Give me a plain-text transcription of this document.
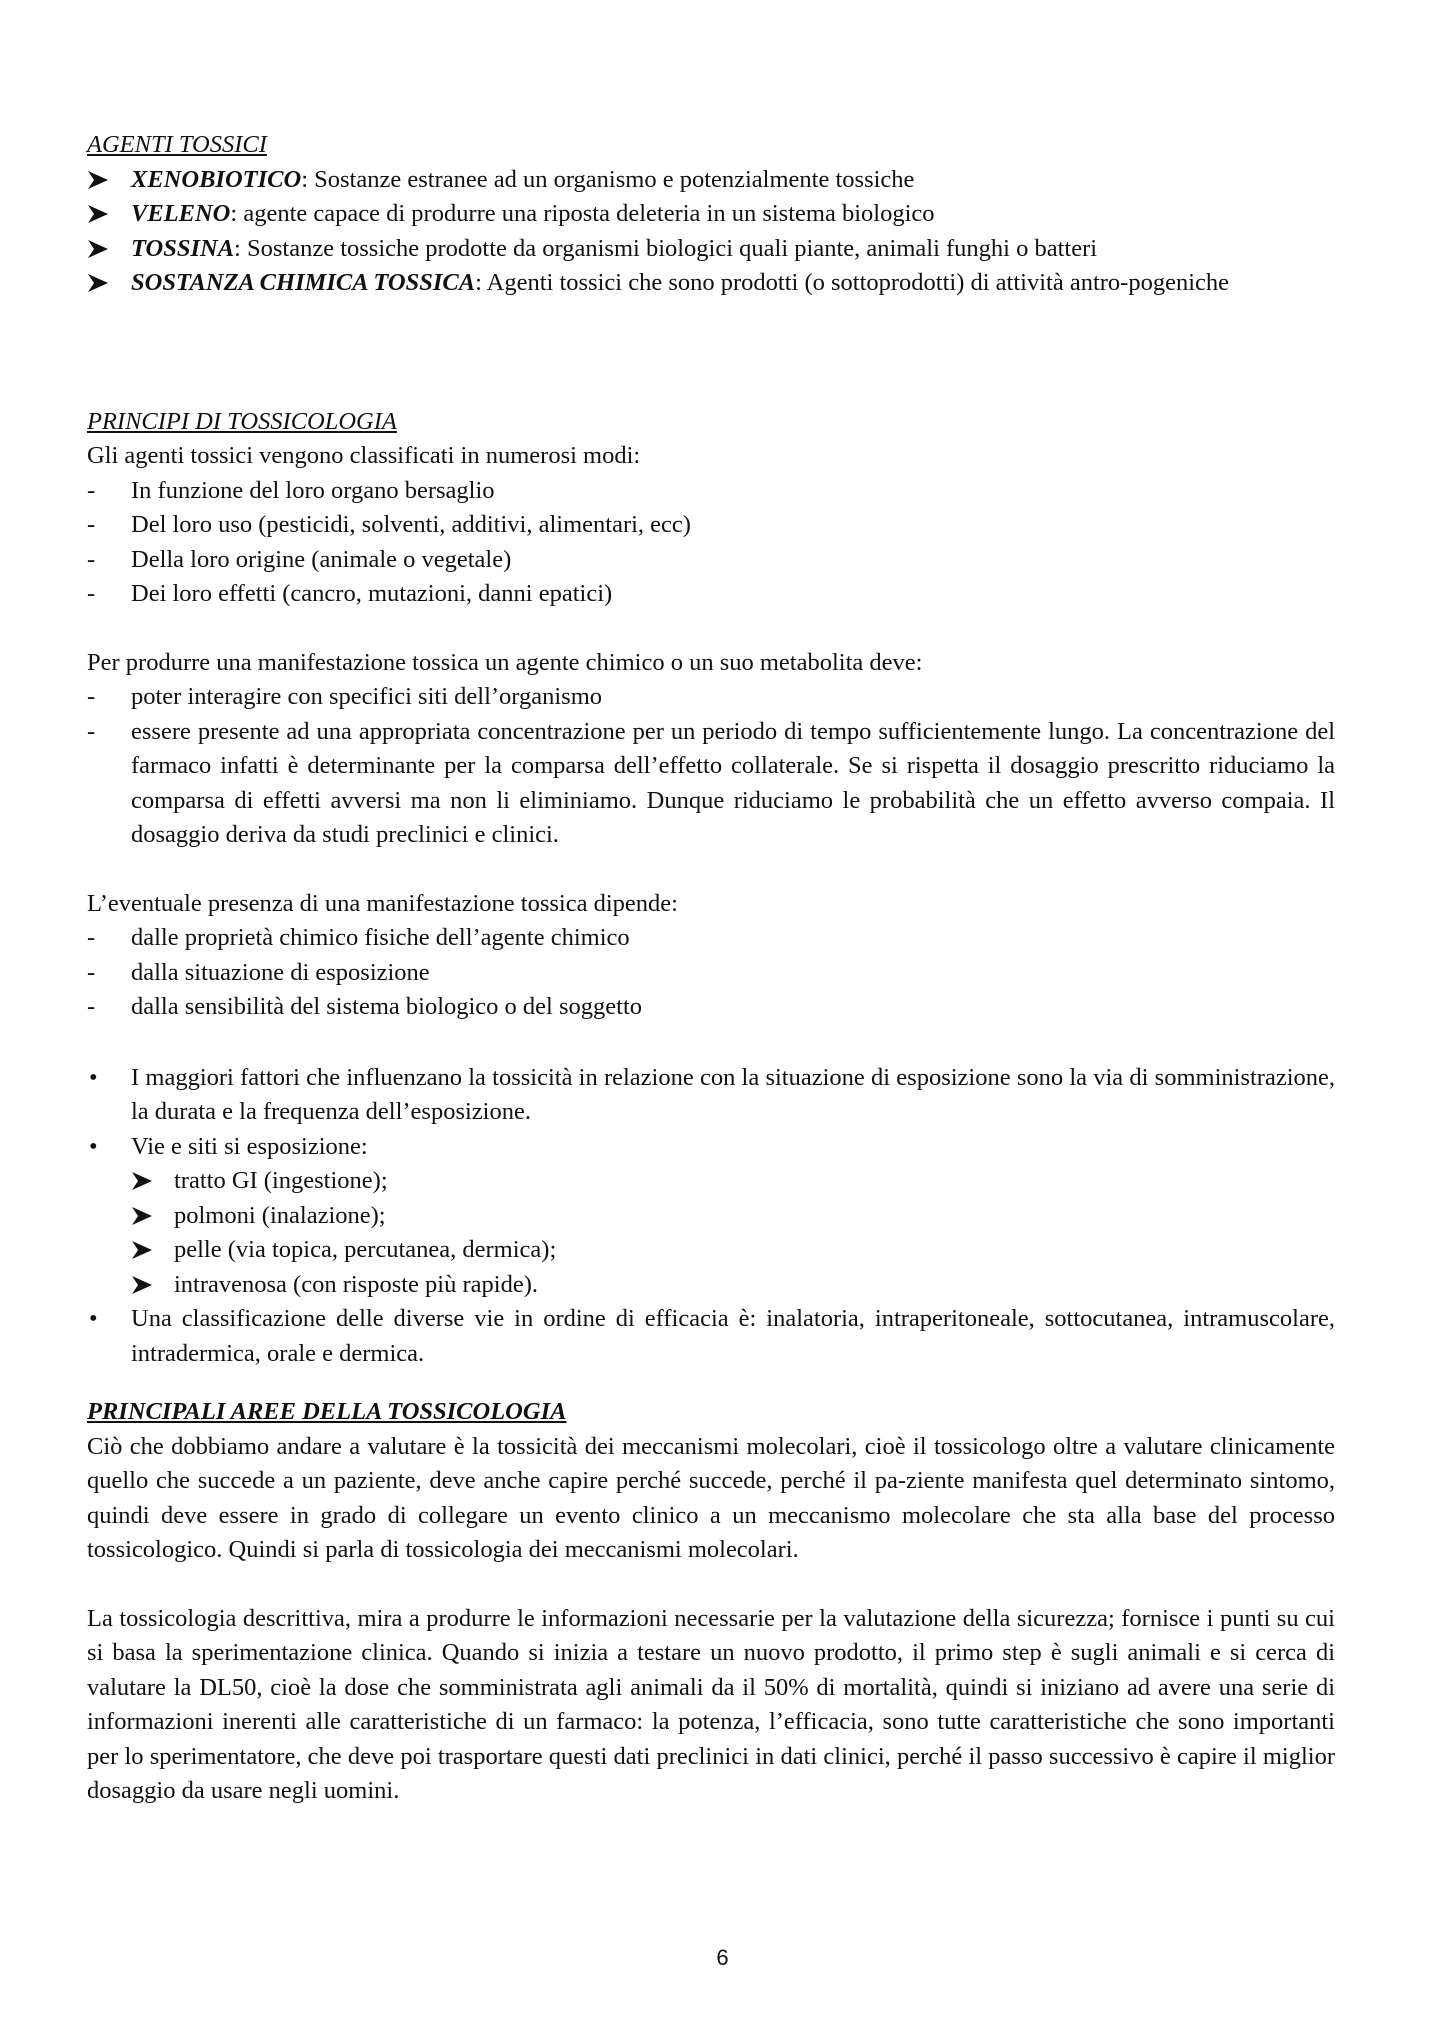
AGENTI TOSSICI
XENOBIOTICO: Sostanze estranee ad un organismo e potenzialmente tossiche
VELENO: agente capace di produrre una riposta deleteria in un sistema biologico
TOSSINA: Sostanze tossiche prodotte da organismi biologici quali piante, animali funghi o batteri
SOSTANZA CHIMICA TOSSICA: Agenti tossici che sono prodotti (o sottoprodotti) di attività antro-pogeniche
PRINCIPI DI TOSSICOLOGIA
Gli agenti tossici vengono classificati in numerosi modi:
- In funzione del loro organo bersaglio
- Del loro uso (pesticidi, solventi, additivi, alimentari, ecc)
- Della loro origine (animale o vegetale)
- Dei loro effetti (cancro, mutazioni, danni epatici)
Per produrre una manifestazione tossica un agente chimico o un suo metabolita deve:
- poter interagire con specifici siti dell’organismo
- essere presente ad una appropriata concentrazione per un periodo di tempo sufficientemente lungo. La concentrazione del farmaco infatti è determinante per la comparsa dell’effetto collaterale. Se si rispetta il dosaggio prescritto riduciamo la comparsa di effetti avversi ma non li eliminiamo. Dunque riduciamo le probabilità che un effetto avverso compaia. Il dosaggio deriva da studi preclinici e clinici.
L’eventuale presenza di una manifestazione tossica dipende:
- dalle proprietà chimico fisiche dell’agente chimico
- dalla situazione di esposizione
- dalla sensibilità del sistema biologico o del soggetto
• I maggiori fattori che influenzano la tossicità in relazione con la situazione di esposizione sono la via di somministrazione, la durata e la frequenza dell’esposizione.
• Vie e siti si esposizione:
tratto GI (ingestione);
polmoni (inalazione);
pelle (via topica, percutanea, dermica);
intravenosa (con risposte più rapide).
• Una classificazione delle diverse vie in ordine di efficacia è: inalatoria, intraperitoneale, sottocutanea, intramuscolare, intradermica, orale e dermica.
PRINCIPALI AREE DELLA TOSSICOLOGIA
Ciò che dobbiamo andare a valutare è la tossicità dei meccanismi molecolari, cioè il tossicologo oltre a valutare clinicamente quello che succede a un paziente, deve anche capire perché succede, perché il pa-ziente manifesta quel determinato sintomo, quindi deve essere in grado di collegare un evento clinico a un meccanismo molecolare che sta alla base del processo tossicologico. Quindi si parla di tossicologia dei meccanismi molecolari.
La tossicologia descrittiva, mira a produrre le informazioni necessarie per la valutazione della sicurezza; fornisce i punti su cui si basa la sperimentazione clinica. Quando si inizia a testare un nuovo prodotto, il primo step è sugli animali e si cerca di valutare la DL50, cioè la dose che somministrata agli animali da il 50% di mortalità, quindi si iniziano ad avere una serie di informazioni inerenti alle caratteristiche di un farmaco: la potenza, l’efficacia, sono tutte caratteristiche che sono importanti per lo sperimentatore, che deve poi trasportare questi dati preclinici in dati clinici, perché il passo successivo è capire il miglior dosaggio da usare negli uomini.
6
